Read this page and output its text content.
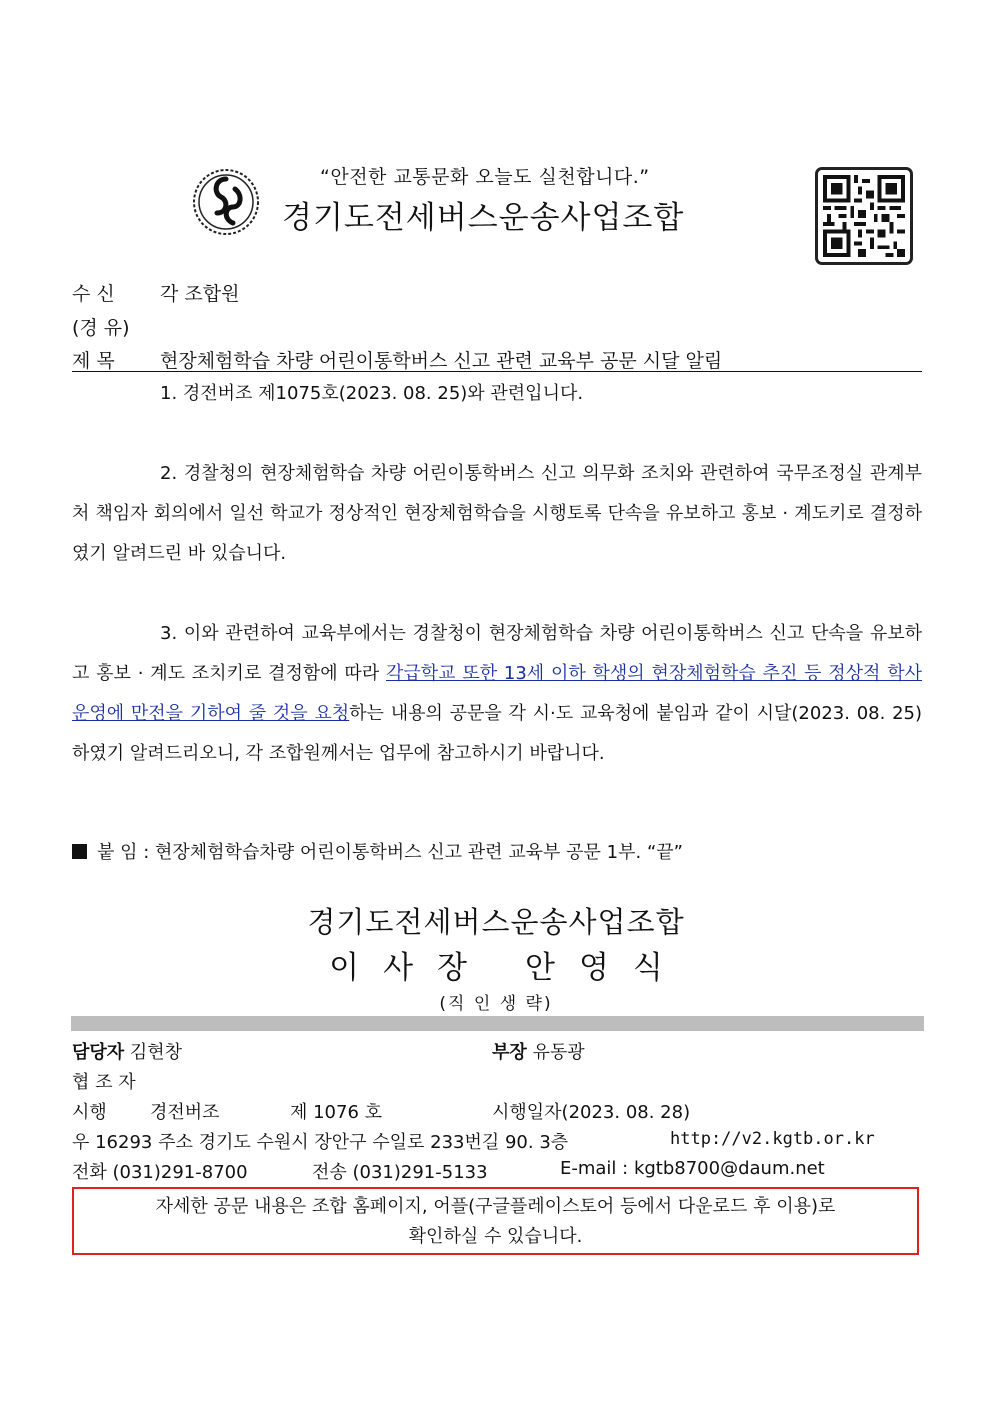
“안전한 교통문화 오늘도 실천합니다.”
경기도전세버스운송사업조합
수 신 각 조합원
(경 유)
제 목 현장체험학습 차량 어린이통학버스 신고 관련 교육부 공문 시달 알림
1. 경전버조 제1075호(2023. 08. 25)와 관련입니다.
2. 경찰청의 현장체험학습 차량 어린이통학버스 신고 의무화 조치와 관련하여 국무조정실 관계부처 책임자 회의에서 일선 학교가 정상적인 현장체험학습을 시행토록 단속을 유보하고 홍보 · 계도키로 결정하였기 알려드린 바 있습니다.
3. 이와 관련하여 교육부에서는 경찰청이 현장체험학습 차량 어린이통학버스 신고 단속을 유보하고 홍보 · 계도 조치키로 결정함에 따라 각급학교 또한 13세 이하 학생의 현장체험학습 추진 등 정상적 학사운영에 만전을 기하여 줄 것을 요청하는 내용의 공문을 각 시·도 교육청에 붙임과 같이 시달(2023. 08. 25)하였기 알려드리오니, 각 조합원께서는 업무에 참고하시기 바랍니다.
붙 임 : 현장체험학습차량 어린이통학버스 신고 관련 교육부 공문 1부. “끝”
경기도전세버스운송사업조합
이 사 장 안 영 식
(직 인 생 략)
담당자 김현창	부장 유동광
협 조 자
시행 경전버조	제 1076 호	시행일자(2023. 08. 28)
우 16293 주소 경기도 수원시 장안구 수일로 233번길 90. 3층	http://v2.kgtb.or.kr
전화 (031)291-8700	전송 (031)291-5133	E-mail : kgtb8700@daum.net
자세한 공문 내용은 조합 홈페이지, 어플(구글플레이스토어 등에서 다운로드 후 이용)로
확인하실 수 있습니다.
